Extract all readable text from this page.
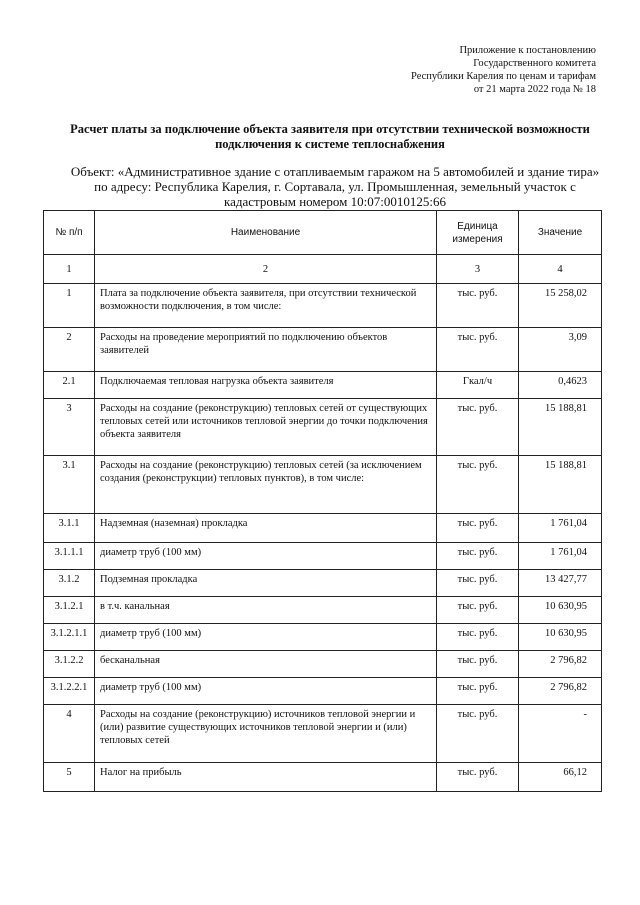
Приложение к постановлению
Государственного комитета
Республики Карелия по ценам и тарифам
от 21 марта 2022 года № 18
Расчет платы за подключение объекта заявителя при отсутствии технической возможности подключения к системе теплоснабжения
Объект: «Административное здание с отапливаемым гаражом на 5 автомобилей и здание тира» по адресу: Республика Карелия, г. Сортавала, ул. Промышленная, земельный участок с кадастровым номером 10:07:0010125:66
№ п/п	Наименование	Единица измерения	Значение
1	2	3	4
1	Плата за подключение объекта заявителя, при отсутствии технической возможности подключения, в том числе:	тыс. руб.	15 258,02
2	Расходы на проведение мероприятий по подключению объектов заявителей	тыс. руб.	3,09
2.1	Подключаемая тепловая нагрузка объекта заявителя	Гкал/ч	0,4623
3	Расходы на создание (реконструкцию) тепловых сетей от существующих тепловых сетей или источников тепловой энергии до точки подключения объекта заявителя	тыс. руб.	15 188,81
3.1	Расходы на создание (реконструкцию) тепловых сетей (за исключением создания (реконструкции) тепловых пунктов), в том числе:	тыс. руб.	15 188,81
3.1.1	Надземная (наземная) прокладка	тыс. руб.	1 761,04
3.1.1.1	диаметр труб (100 мм)	тыс. руб.	1 761,04
3.1.2	Подземная прокладка	тыс. руб.	13 427,77
3.1.2.1	в т.ч. канальная	тыс. руб.	10 630,95
3.1.2.1.1	диаметр труб (100 мм)	тыс. руб.	10 630,95
3.1.2.2	бесканальная	тыс. руб.	2 796,82
3.1.2.2.1	диаметр труб (100 мм)	тыс. руб.	2 796,82
4	Расходы на создание (реконструкцию) источников тепловой энергии и (или) развитие существующих источников тепловой энергии и (или) тепловых сетей	тыс. руб.	-
5	Налог на прибыль	тыс. руб.	66,12
